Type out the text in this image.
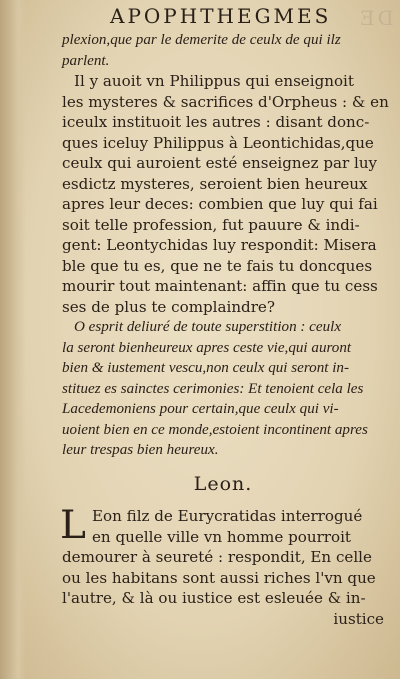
DE
APOPHTHEGMES
plexion,que par le demerite de ceulx de qui ilz
parlent.
Il y auoit vn Philippus qui enseignoit
les mysteres & sacrifices d'Orpheus : & en
iceulx instituoit les autres : disant donc-
ques iceluy Philippus à Leontichidas,que
ceulx qui auroient esté enseignez par luy
esdictz mysteres, seroient bien heureux
apres leur deces: combien que luy qui fai
soit telle profession, fut pauure & indi-
gent: Leontychidas luy respondit: Misera
ble que tu es, que ne te fais tu doncques
mourir tout maintenant: affin que tu cess
ses de plus te complaindre?
O esprit deliuré de toute superstition : ceulx
la seront bienheureux apres ceste vie,qui auront
bien & iustement vescu,non ceulx qui seront in-
stituez es sainctes cerimonies: Et tenoient cela les
Lacedemoniens pour certain,que ceulx qui vi-
uoient bien en ce monde,estoient incontinent apres
leur trespas bien heureux.
Leon.
L Eon filz de Eurycratidas interrogué
en quelle ville vn homme pourroit
demourer à seureté : respondit, En celle
ou les habitans sont aussi riches l'vn que
l'autre, & là ou iustice est esleuée & in-
iustice
